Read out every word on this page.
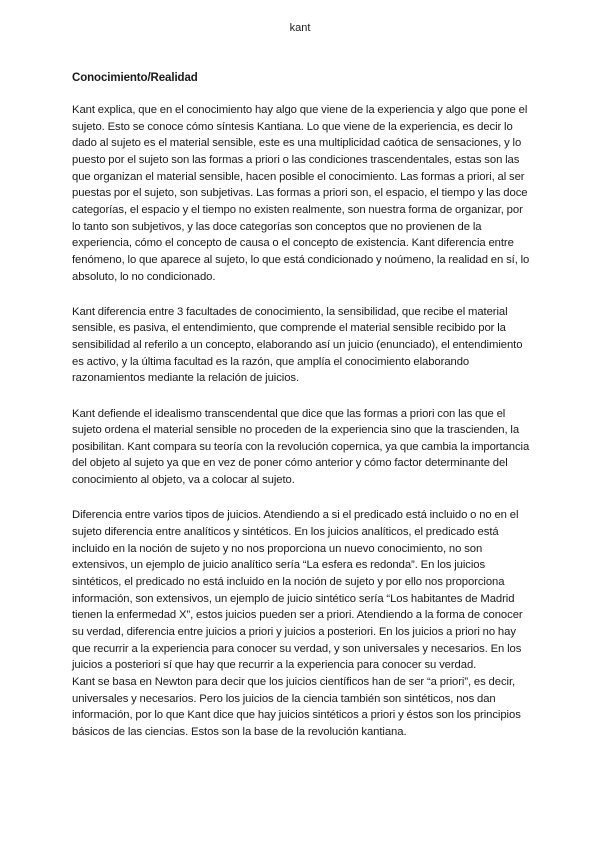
kant
Conocimiento/Realidad

Kant explica, que en el conocimiento hay algo que viene de la experiencia y algo que pone el sujeto. Esto se conoce cómo síntesis Kantiana. Lo que viene de la experiencia, es decir lo dado al sujeto es el material sensible, este es una multiplicidad caótica de sensaciones, y lo puesto por el sujeto son las formas a priori o las condiciones trascendentales, estas son las que organizan el material sensible, hacen posible el conocimiento. Las formas a priori, al ser puestas por el sujeto, son subjetivas. Las formas a priori son, el espacio, el tiempo y las doce categorías, el espacio y el tiempo no existen realmente, son nuestra forma de organizar, por lo tanto son subjetivos, y las doce categorías son conceptos que no provienen de la experiencia, cómo el concepto de causa o el concepto de existencia. Kant diferencia entre fenómeno, lo que aparece al sujeto, lo que está condicionado y noúmeno, la realidad en sí, lo absoluto, lo no condicionado.

Kant diferencia entre 3 facultades de conocimiento, la sensibilidad, que recibe el material sensible, es pasiva, el entendimiento, que comprende el material sensible recibido por la sensibilidad al referilo a un concepto, elaborando así un juicio (enunciado), el entendimiento es activo, y la última facultad es la razón, que amplía el conocimiento elaborando razonamientos mediante la relación de juicios.

Kant defiende el idealismo transcendental que dice que las formas a priori con las que el sujeto ordena el material sensible no proceden de la experiencia sino que la trascienden, la posibilitan. Kant compara su teoría con la revolución copernica, ya que cambia la importancia del objeto al sujeto ya que en vez de poner cómo anterior y cómo factor determinante del conocimiento al objeto, va a colocar al sujeto.

Diferencia entre varios tipos de juicios. Atendiendo a si el predicado está incluido o no en el sujeto diferencia entre analíticos y sintéticos. En los juicios analíticos, el predicado está incluido en la noción de sujeto y no nos proporciona un nuevo conocimiento, no son extensivos, un ejemplo de juicio analítico sería “La esfera es redonda”. En los juicios sintéticos, el predicado no está incluido en la noción de sujeto y por ello nos proporciona información, son extensivos, un ejemplo de juicio sintético sería “Los habitantes de Madrid tienen la enfermedad X”, estos juicios pueden ser a priori. Atendiendo a la forma de conocer su verdad, diferencia entre juicios a priori y juicios a posteriori. En los juicios a priori no hay que recurrir a la experiencia para conocer su verdad, y son universales y necesarios. En los juicios a posteriori sí que hay que recurrir a la experiencia para conocer su verdad.

Kant se basa en Newton para decir que los juicios científicos han de ser “a priori”, es decir, universales y necesarios. Pero los juicios de la ciencia también son sintéticos, nos dan información, por lo que Kant dice que hay juicios sintéticos a priori y éstos son los principios básicos de las ciencias. Estos son la base de la revolución kantiana.
